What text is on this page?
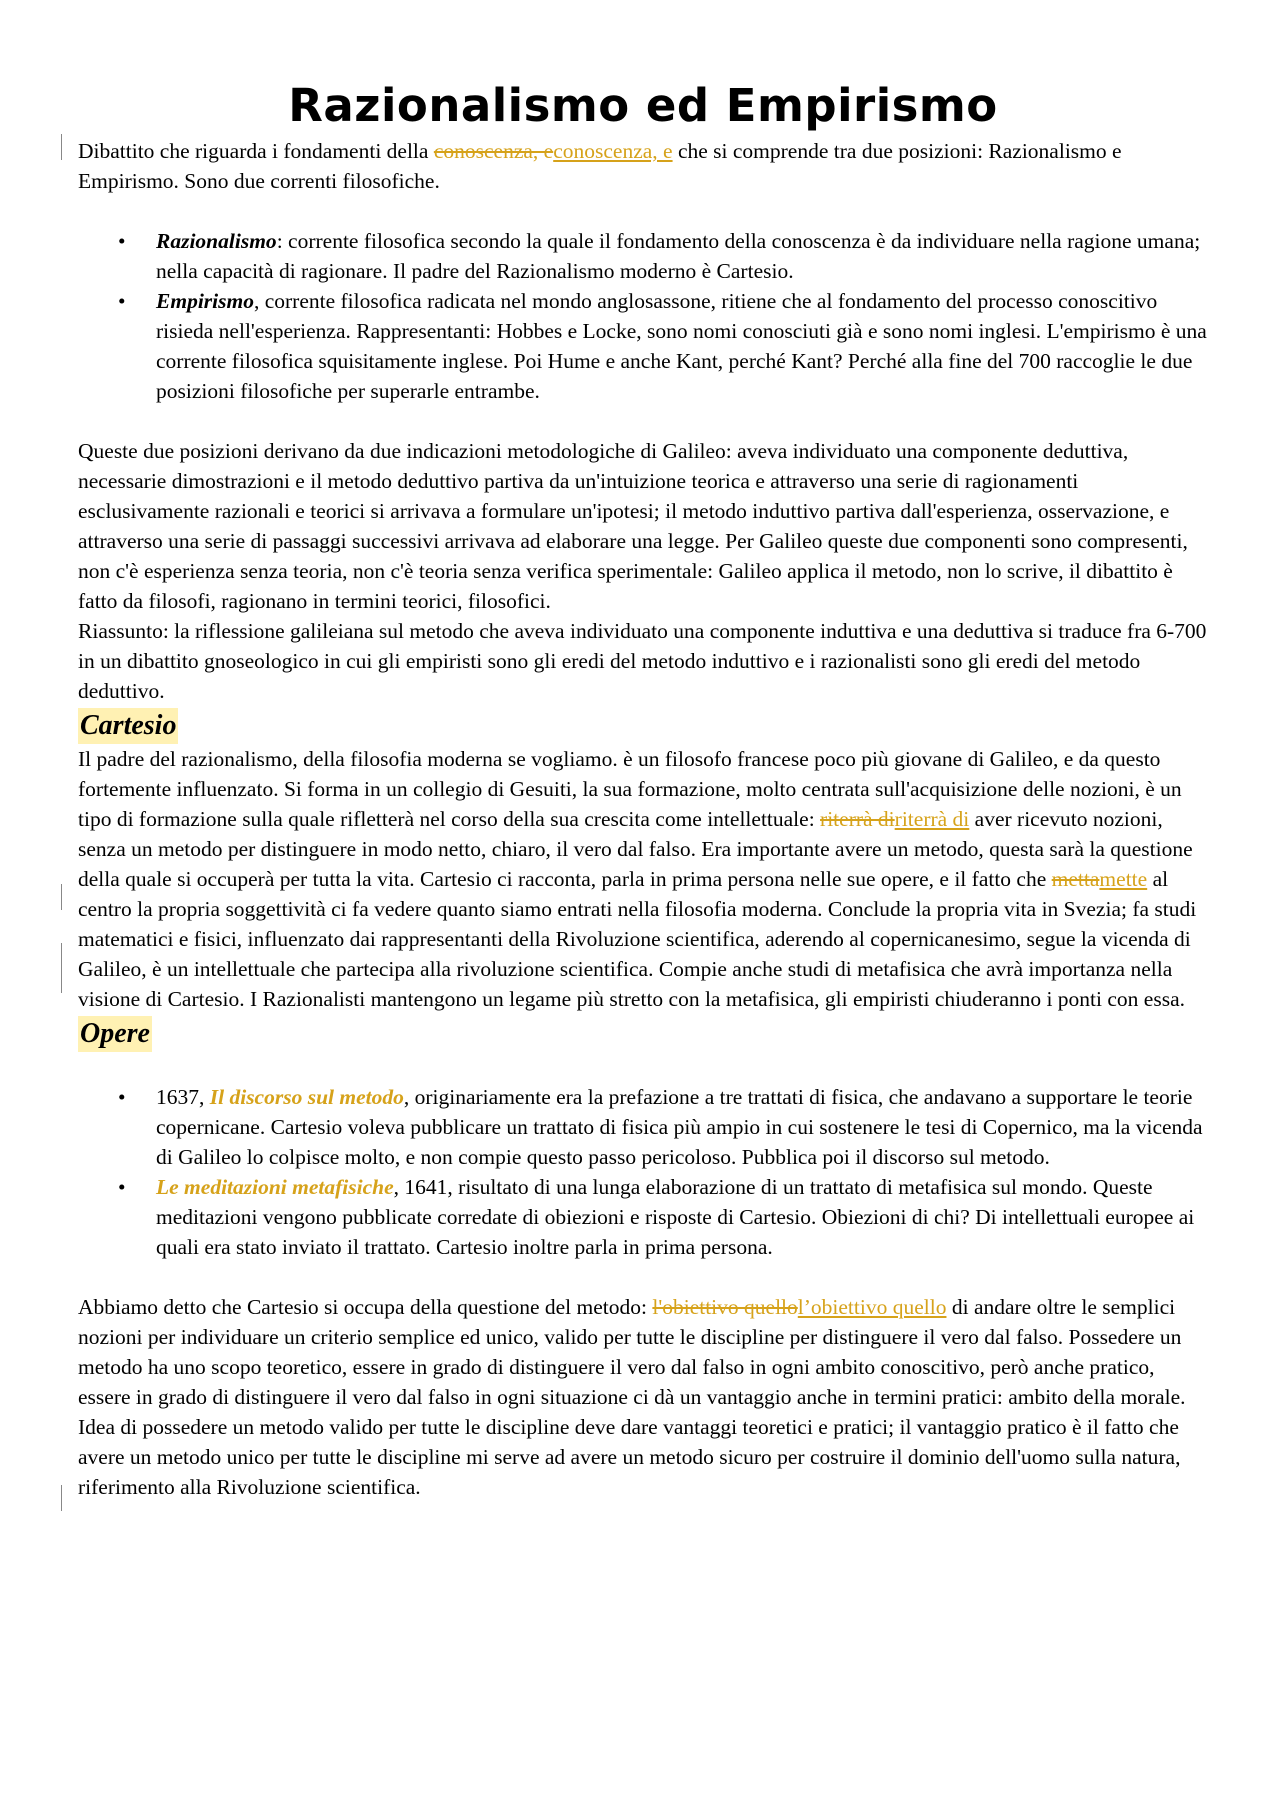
Razionalismo ed Empirismo

Dibattito che riguarda i fondamenti della conoscenza, econoscenza, e che si comprende tra due posizioni: Razionalismo e Empirismo. Sono due correnti filosofiche.

• Razionalismo: corrente filosofica secondo la quale il fondamento della conoscenza è da individuare nella ragione umana; nella capacità di ragionare. Il padre del Razionalismo moderno è Cartesio.
• Empirismo, corrente filosofica radicata nel mondo anglosassone, ritiene che al fondamento del processo conoscitivo risieda nell'esperienza. Rappresentanti: Hobbes e Locke, sono nomi conosciuti già e sono nomi inglesi. L'empirismo è una corrente filosofica squisitamente inglese. Poi Hume e anche Kant, perché Kant? Perché alla fine del 700 raccoglie le due posizioni filosofiche per superarle entrambe.

Queste due posizioni derivano da due indicazioni metodologiche di Galileo: aveva individuato una componente deduttiva, necessarie dimostrazioni e il metodo deduttivo partiva da un'intuizione teorica e attraverso una serie di ragionamenti esclusivamente razionali e teorici si arrivava a formulare un'ipotesi; il metodo induttivo partiva dall'esperienza, osservazione, e attraverso una serie di passaggi successivi arrivava ad elaborare una legge. Per Galileo queste due componenti sono compresenti, non c'è esperienza senza teoria, non c'è teoria senza verifica sperimentale: Galileo applica il metodo, non lo scrive, il dibattito è fatto da filosofi, ragionano in termini teorici, filosofici.

Riassunto: la riflessione galileiana sul metodo che aveva individuato una componente induttiva e una deduttiva si traduce fra 6-700 in un dibattito gnoseologico in cui gli empiristi sono gli eredi del metodo induttivo e i razionalisti sono gli eredi del metodo deduttivo.

Cartesio

Il padre del razionalismo, della filosofia moderna se vogliamo. è un filosofo francese poco più giovane di Galileo, e da questo fortemente influenzato. Si forma in un collegio di Gesuiti, la sua formazione, molto centrata sull'acquisizione delle nozioni, è un tipo di formazione sulla quale rifletterà nel corso della sua crescita come intellettuale: riterrà diriterrà di aver ricevuto nozioni, senza un metodo per distinguere in modo netto, chiaro, il vero dal falso. Era importante avere un metodo, questa sarà la questione della quale si occuperà per tutta la vita. Cartesio ci racconta, parla in prima persona nelle sue opere, e il fatto che mettamette al centro la propria soggettività ci fa vedere quanto siamo entrati nella filosofia moderna. Conclude la propria vita in Svezia; fa studi matematici e fisici, influenzato dai rappresentanti della Rivoluzione scientifica, aderendo al copernicanesimo, segue la vicenda di Galileo, è un intellettuale che partecipa alla rivoluzione scientifica. Compie anche studi di metafisica che avrà importanza nella visione di Cartesio. I Razionalisti mantengono un legame più stretto con la metafisica, gli empiristi chiuderanno i ponti con essa.

Opere
• 1637, Il discorso sul metodo, originariamente era la prefazione a tre trattati di fisica, che andavano a supportare le teorie copernicane. Cartesio voleva pubblicare un trattato di fisica più ampio in cui sostenere le tesi di Copernico, ma la vicenda di Galileo lo colpisce molto, e non compie questo passo pericoloso. Pubblica poi il discorso sul metodo.
• Le meditazioni metafisiche, 1641, risultato di una lunga elaborazione di un trattato di metafisica sul mondo. Queste meditazioni vengono pubblicate corredate di obiezioni e risposte di Cartesio. Obiezioni di chi? Di intellettuali europee ai quali era stato inviato il trattato. Cartesio inoltre parla in prima persona.

Abbiamo detto che Cartesio si occupa della questione del metodo: l'obiettivo quellol’obiettivo quello di andare oltre le semplici nozioni per individuare un criterio semplice ed unico, valido per tutte le discipline per distinguere il vero dal falso. Possedere un metodo ha uno scopo teoretico, essere in grado di distinguere il vero dal falso in ogni ambito conoscitivo, però anche pratico, essere in grado di distinguere il vero dal falso in ogni situazione ci dà un vantaggio anche in termini pratici: ambito della morale. Idea di possedere un metodo valido per tutte le discipline deve dare vantaggi teoretici e pratici; il vantaggio pratico è il fatto che avere un metodo unico per tutte le discipline mi serve ad avere un metodo sicuro per costruire il dominio dell'uomo sulla natura, riferimento alla Rivoluzione scientifica.
